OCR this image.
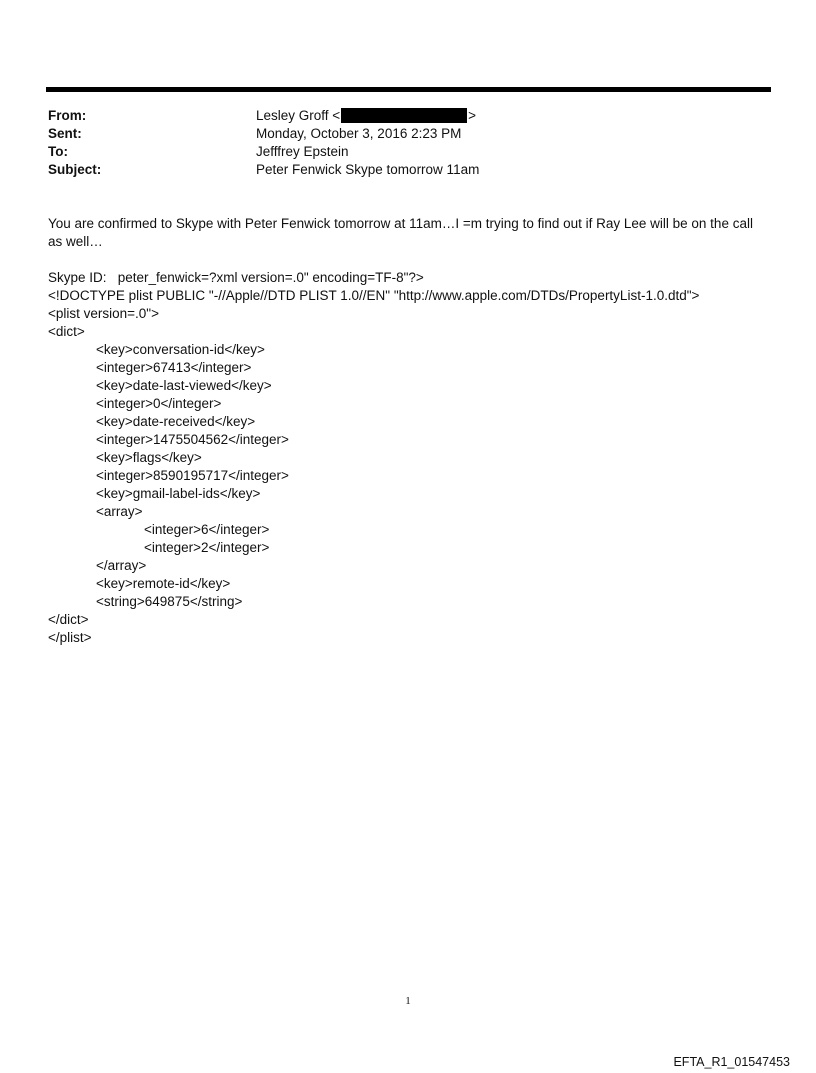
From:	Lesley Groff <	>
Sent:	Monday, October 3, 2016 2:23 PM
To:	Jefffrey Epstein
Subject:	Peter Fenwick Skype tomorrow 11am
You are confirmed to Skype with Peter Fenwick tomorrow at 11am…I =m trying to find out if Ray Lee will be on the call
as well…
Skype ID:   peter_fenwick=?xml version=.0" encoding=TF-8"?>
<!DOCTYPE plist PUBLIC "-//Apple//DTD PLIST 1.0//EN" "http://www.apple.com/DTDs/PropertyList-1.0.dtd">
<plist version=.0">
<dict>
<key>conversation-id</key>
<integer>67413</integer>
<key>date-last-viewed</key>
<integer>0</integer>
<key>date-received</key>
<integer>1475504562</integer>
<key>flags</key>
<integer>8590195717</integer>
<key>gmail-label-ids</key>
<array>
<integer>6</integer>
<integer>2</integer>
</array>
<key>remote-id</key>
<string>649875</string>
</dict>
</plist>
1
EFTA_R1_01547453
